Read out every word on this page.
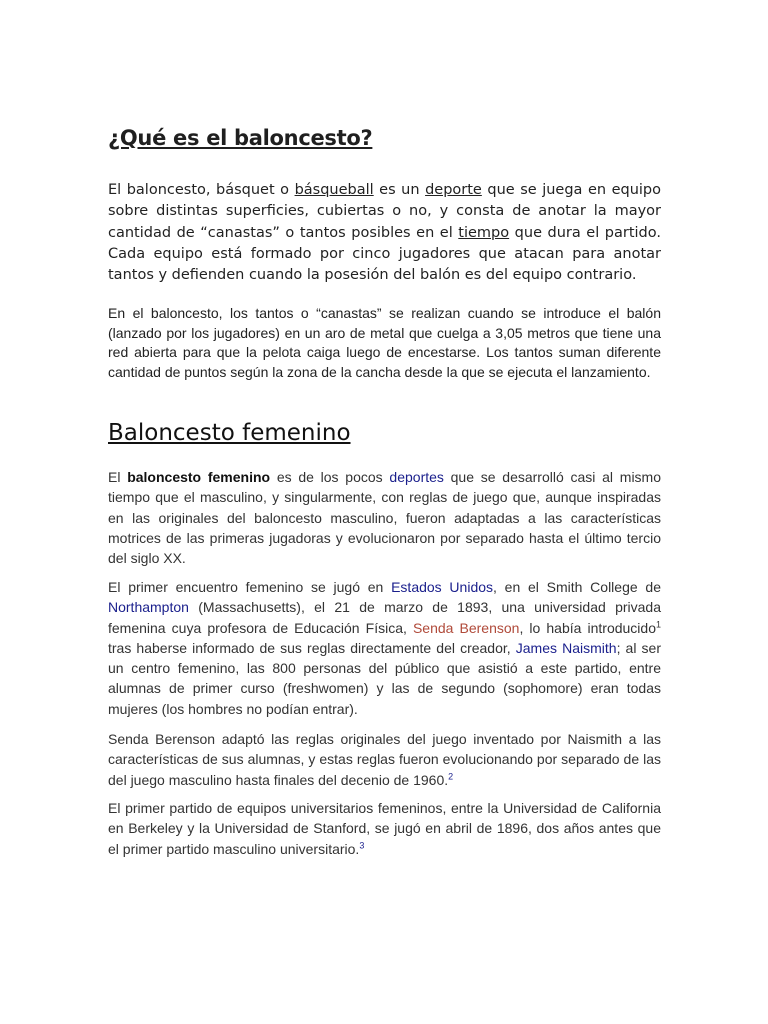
¿Qué es el baloncesto?
El baloncesto, básquet o básqueball es un deporte que se juega en equipo sobre distintas superficies, cubiertas o no, y consta de anotar la mayor cantidad de “canastas” o tantos posibles en el tiempo que dura el partido. Cada equipo está formado por cinco jugadores que atacan para anotar tantos y defienden cuando la posesión del balón es del equipo contrario.
En el baloncesto, los tantos o “canastas” se realizan cuando se introduce el balón (lanzado por los jugadores) en un aro de metal que cuelga a 3,05 metros que tiene una red abierta para que la pelota caiga luego de encestarse. Los tantos suman diferente cantidad de puntos según la zona de la cancha desde la que se ejecuta el lanzamiento.
Baloncesto femenino
El baloncesto femenino es de los pocos deportes que se desarrolló casi al mismo tiempo que el masculino, y singularmente, con reglas de juego que, aunque inspiradas en las originales del baloncesto masculino, fueron adaptadas a las características motrices de las primeras jugadoras y evolucionaron por separado hasta el último tercio del siglo XX.
El primer encuentro femenino se jugó en Estados Unidos, en el Smith College de Northampton (Massachusetts), el 21 de marzo de 1893, una universidad privada femenina cuya profesora de Educación Física, Senda Berenson, lo había introducido$^1$ tras haberse informado de sus reglas directamente del creador, James Naismith; al ser un centro femenino, las 800 personas del público que asistió a este partido, entre alumnas de primer curso (freshwomen) y las de segundo (sophomore) eran todas mujeres (los hombres no podían entrar).
Senda Berenson adaptó las reglas originales del juego inventado por Naismith a las características de sus alumnas, y estas reglas fueron evolucionando por separado de las del juego masculino hasta finales del decenio de 1960.$^2$
El primer partido de equipos universitarios femeninos, entre la Universidad de California en Berkeley y la Universidad de Stanford, se jugó en abril de 1896, dos años antes que el primer partido masculino universitario.$^3$
